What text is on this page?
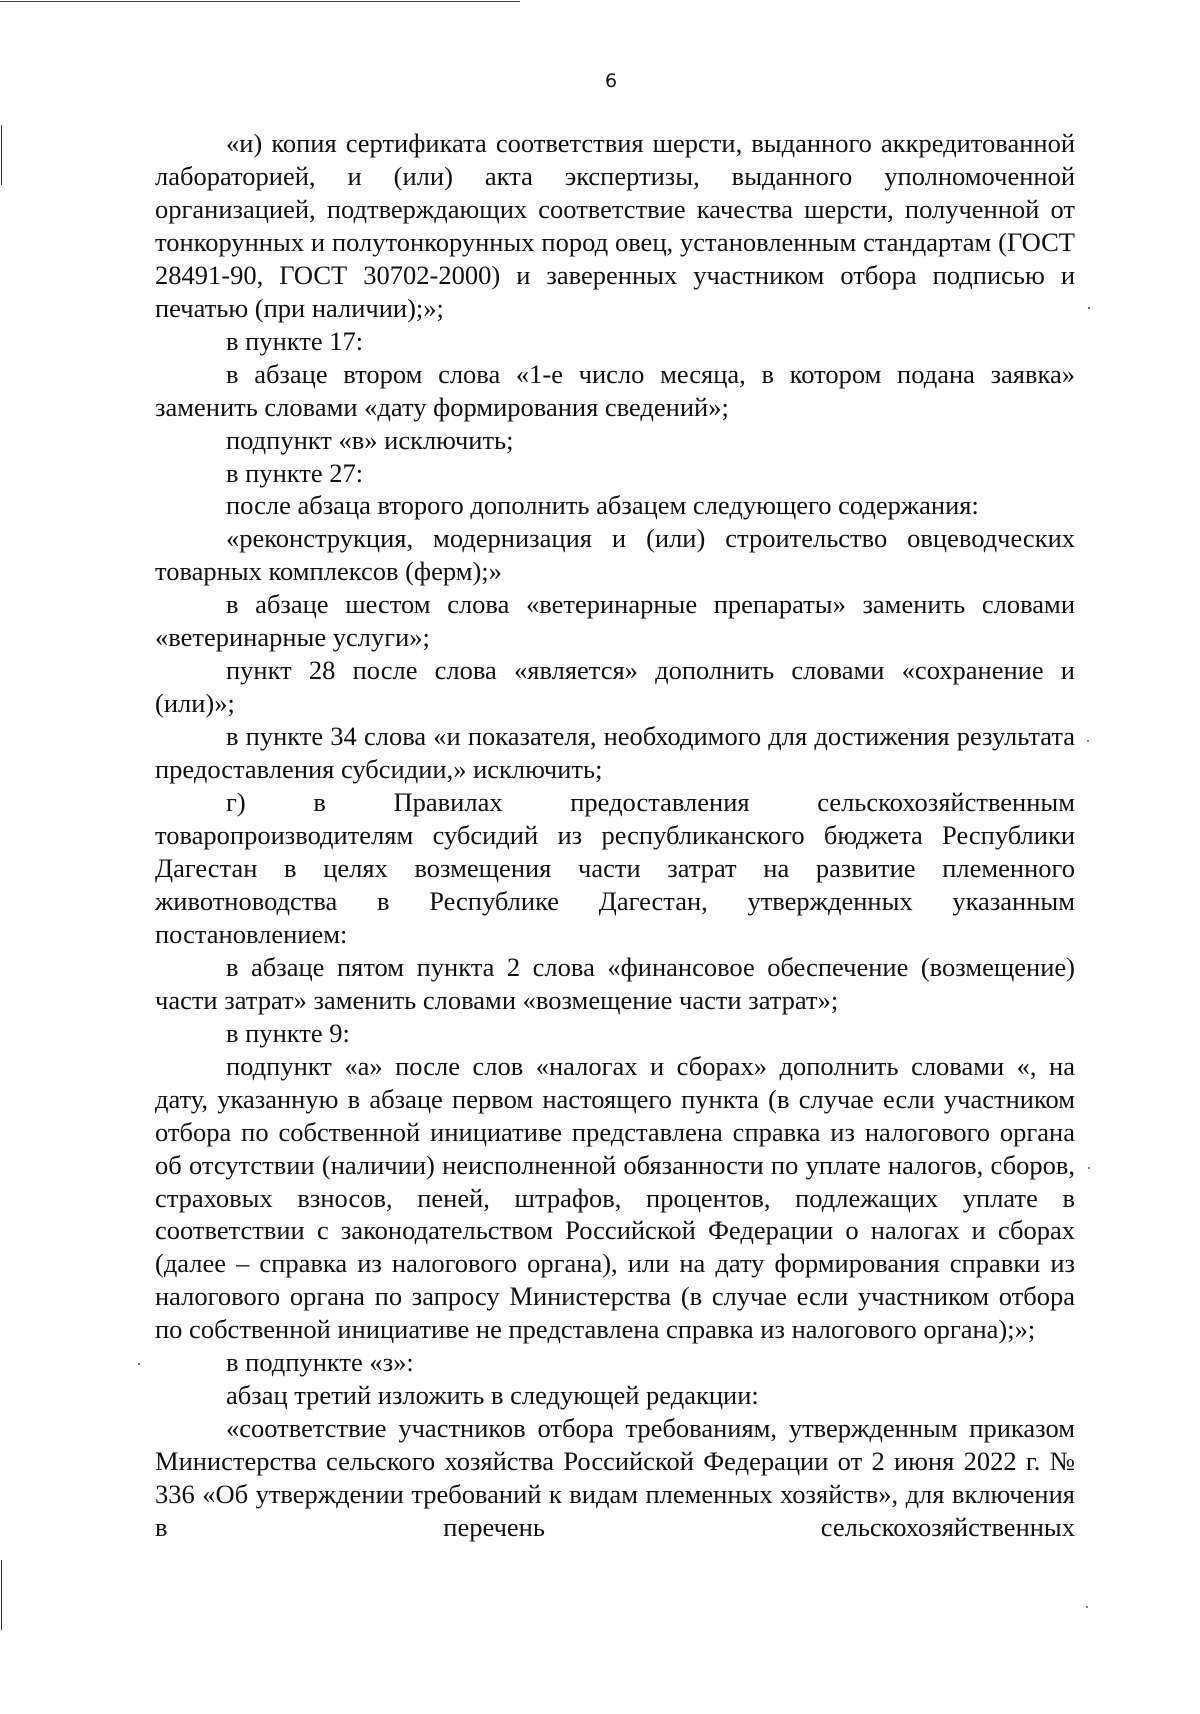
6

«и) копия сертификата соответствия шерсти, выданного аккредитованной лабораторией, и (или) акта экспертизы, выданного уполномоченной организацией, подтверждающих соответствие качества шерсти, полученной от тонкорунных и полутонкорунных пород овец, установленным стандартам (ГОСТ 28491-90, ГОСТ 30702-2000) и заверенных участником отбора подписью и печатью (при наличии);»;

в пункте 17:

в абзаце втором слова «1-е число месяца, в котором подана заявка» заменить словами «дату формирования сведений»;

подпункт «в» исключить;

в пункте 27:

после абзаца второго дополнить абзацем следующего содержания:

«реконструкция, модернизация и (или) строительство овцеводческих товарных комплексов (ферм);»

в абзаце шестом слова «ветеринарные препараты» заменить словами «ветеринарные услуги»;

пункт 28 после слова «является» дополнить словами «сохранение и (или)»;

в пункте 34 слова «и показателя, необходимого для достижения результата предоставления субсидии,» исключить;

г) в Правилах предоставления сельскохозяйственным товаропроизводителям субсидий из республиканского бюджета Республики Дагестан в целях возмещения части затрат на развитие племенного животноводства в Республике Дагестан, утвержденных указанным постановлением:

в абзаце пятом пункта 2 слова «финансовое обеспечение (возмещение) части затрат» заменить словами «возмещение части затрат»;

в пункте 9:

подпункт «а» после слов «налогах и сборах» дополнить словами «, на дату, указанную в абзаце первом настоящего пункта (в случае если участником отбора по собственной инициативе представлена справка из налогового органа об отсутствии (наличии) неисполненной обязанности по уплате налогов, сборов, страховых взносов, пеней, штрафов, процентов, подлежащих уплате в соответствии с законодательством Российской Федерации о налогах и сборах (далее – справка из налогового органа), или на дату формирования справки из налогового органа по запросу Министерства (в случае если участником отбора по собственной инициативе не представлена справка из налогового органа);»;

в подпункте «з»:

абзац третий изложить в следующей редакции:

«соответствие участников отбора требованиям, утвержденным приказом Министерства сельского хозяйства Российской Федерации от 2 июня 2022 г. № 336 «Об утверждении требований к видам племенных хозяйств», для включения в перечень сельскохозяйственных
